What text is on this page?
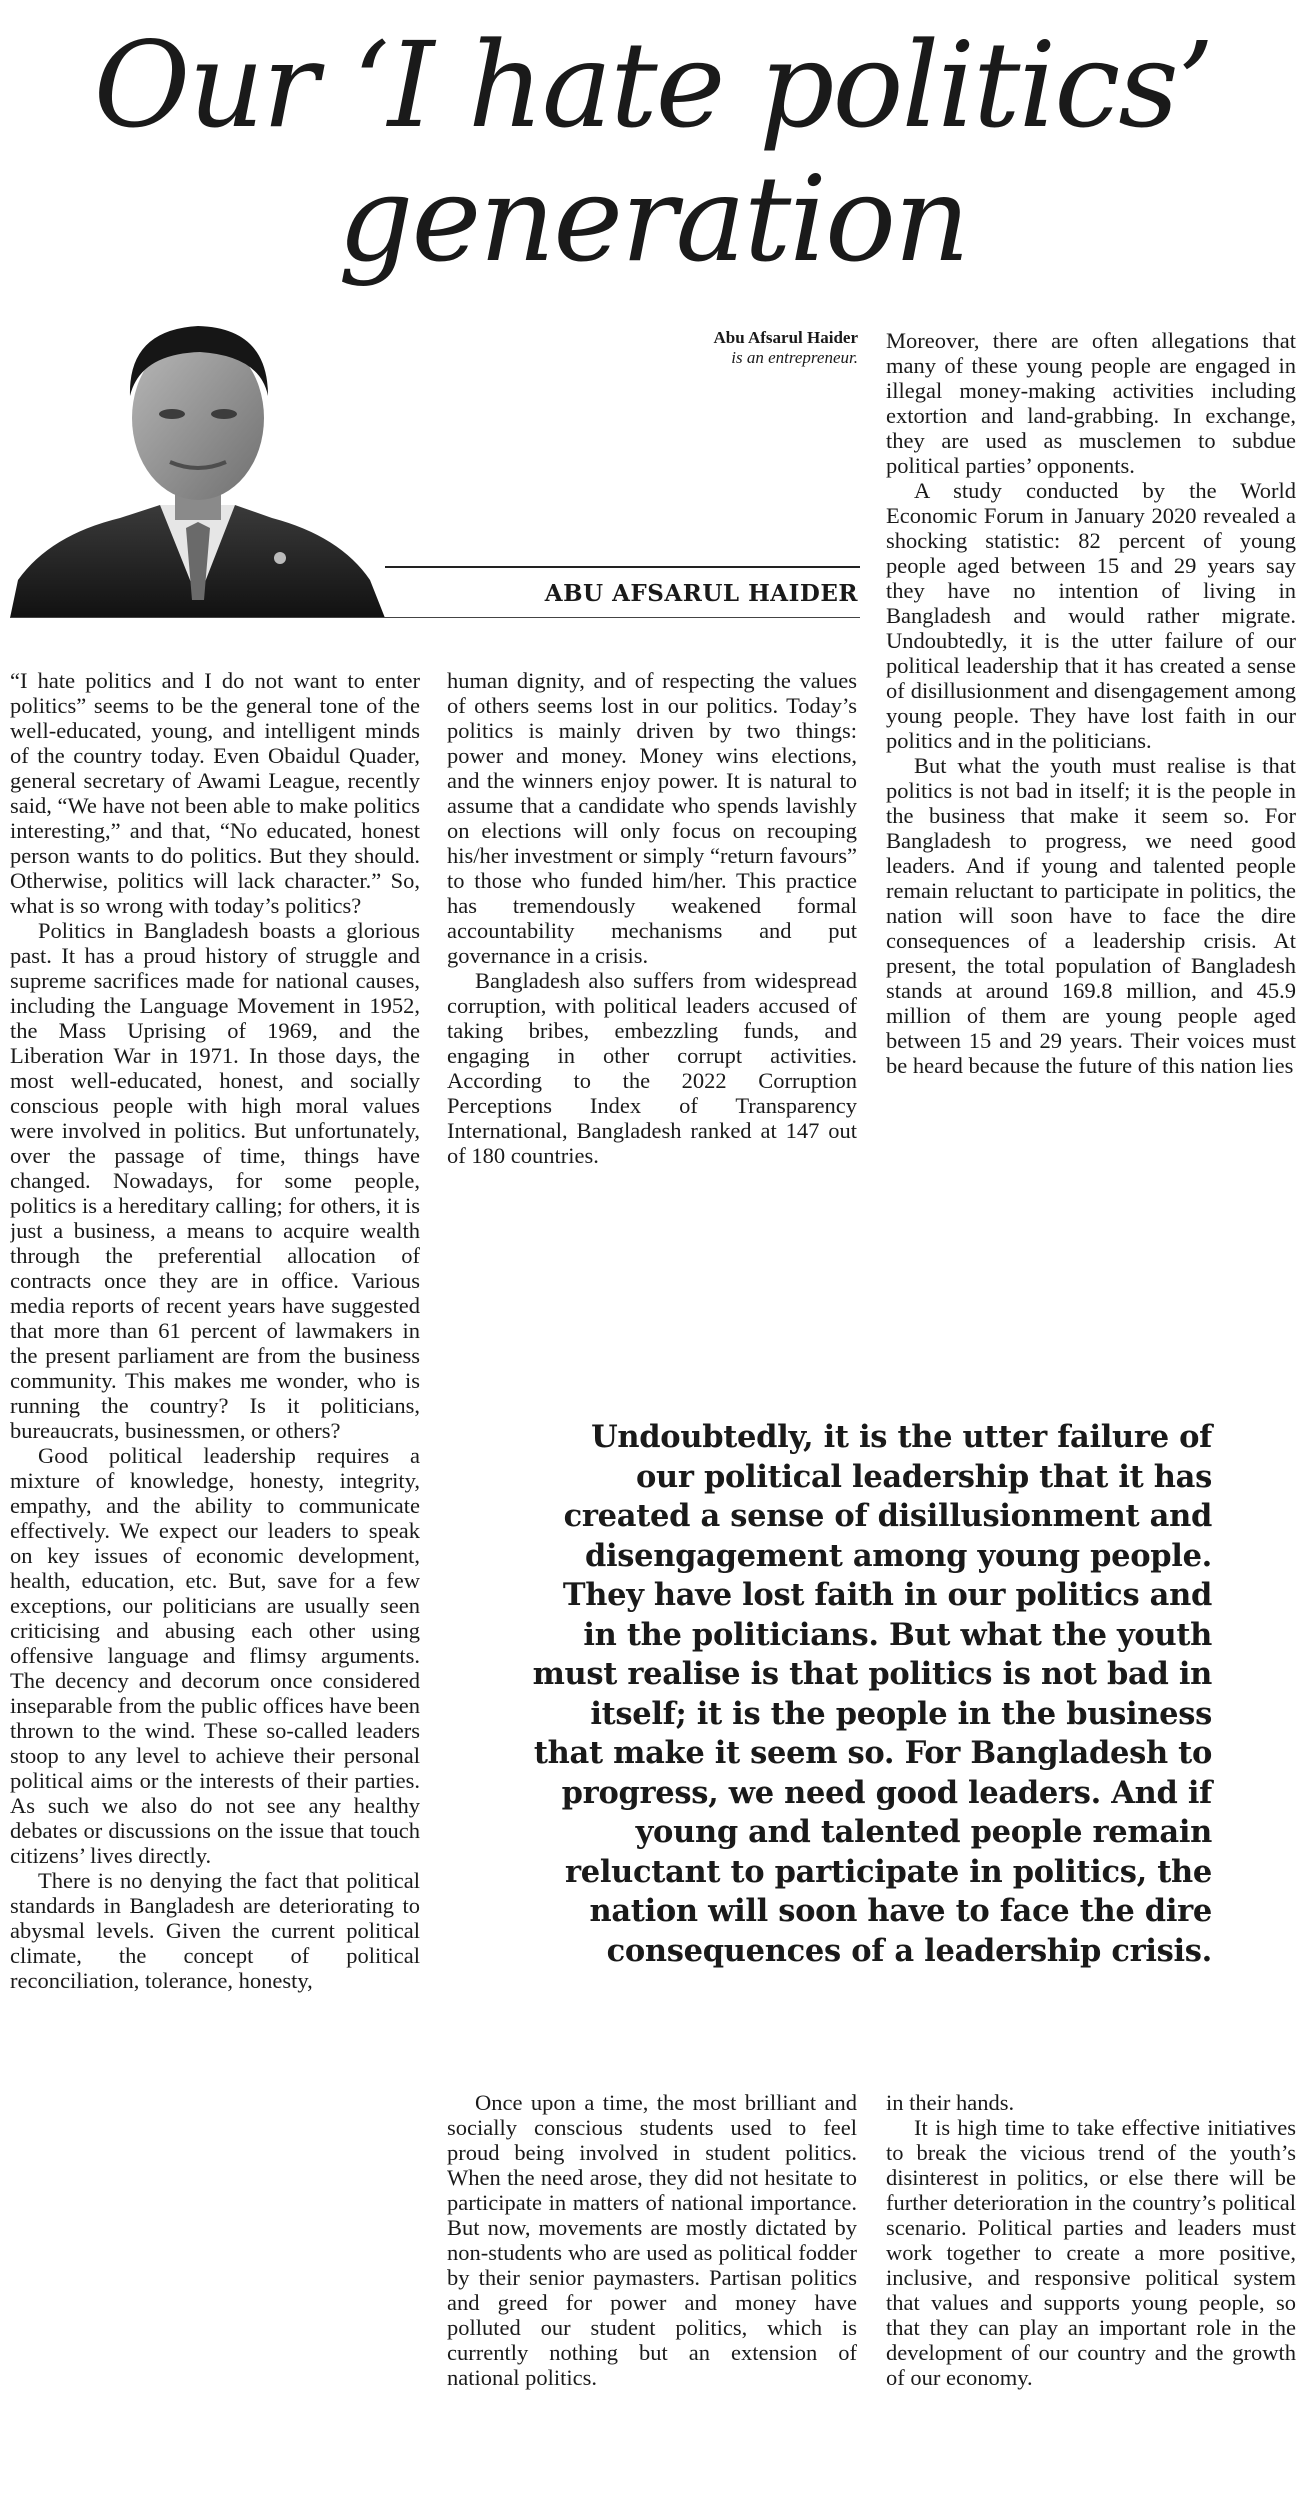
Our ‘I hate politics’ generation
Abu Afsarul Haider
is an entrepreneur.
ABU AFSARUL HAIDER

“I hate politics and I do not want to enter politics” seems to be the general tone of the well-educated, young, and intelligent minds of the country today. Even Obaidul Quader, general secretary of Awami League, recently said, “We have not been able to make politics interesting,” and that, “No educated, honest person wants to do politics. But they should. Otherwise, politics will lack character.” So, what is so wrong with today’s politics?

Politics in Bangladesh boasts a glorious past. It has a proud history of struggle and supreme sacrifices made for national causes, including the Language Movement in 1952, the Mass Uprising of 1969, and the Liberation War in 1971. In those days, the most well-educated, honest, and socially conscious people with high moral values were involved in politics. But unfortunately, over the passage of time, things have changed. Nowadays, for some people, politics is a hereditary calling; for others, it is just a business, a means to acquire wealth through the preferential allocation of contracts once they are in office. Various media reports of recent years have suggested that more than 61 percent of lawmakers in the present parliament are from the business community. This makes me wonder, who is running the country? Is it politicians, bureaucrats, businessmen, or others?

Good political leadership requires a mixture of knowledge, honesty, integrity, empathy, and the ability to communicate effectively. We expect our leaders to speak on key issues of economic development, health, education, etc. But, save for a few exceptions, our politicians are usually seen criticising and abusing each other using offensive language and flimsy arguments. The decency and decorum once considered inseparable from the public offices have been thrown to the wind. These so-called leaders stoop to any level to achieve their personal political aims or the interests of their parties. As such we also do not see any healthy debates or discussions on the issue that touch citizens’ lives directly.

There is no denying the fact that political standards in Bangladesh are deteriorating to abysmal levels. Given the current political climate, the concept of political reconciliation, tolerance, honesty,

human dignity, and of respecting the values of others seems lost in our politics. Today’s politics is mainly driven by two things: power and money. Money wins elections, and the winners enjoy power. It is natural to assume that a candidate who spends lavishly on elections will only focus on recouping his/her investment or simply “return favours” to those who funded him/her. This practice has tremendously weakened formal accountability mechanisms and put governance in a crisis.

Bangladesh also suffers from widespread corruption, with political leaders accused of taking bribes, embezzling funds, and engaging in other corrupt activities. According to the 2022 Corruption Perceptions Index of Transparency International, Bangladesh ranked at 147 out of 180 countries.

Moreover, there are often allegations that many of these young people are engaged in illegal money-making activities including extortion and land-grabbing. In exchange, they are used as musclemen to subdue political parties’ opponents.

A study conducted by the World Economic Forum in January 2020 revealed a shocking statistic: 82 percent of young people aged between 15 and 29 years say they have no intention of living in Bangladesh and would rather migrate. Undoubtedly, it is the utter failure of our political leadership that it has created a sense of disillusionment and disengagement among young people. They have lost faith in our politics and in the politicians.

But what the youth must realise is that politics is not bad in itself; it is the people in the business that make it seem so. For Bangladesh to progress, we need good leaders. And if young and talented people remain reluctant to participate in politics, the nation will soon have to face the dire consequences of a leadership crisis. At present, the total population of Bangladesh stands at around 169.8 million, and 45.9 million of them are young people aged between 15 and 29 years. Their voices must be heard because the future of this nation lies

Undoubtedly, it is the utter failure of our political leadership that it has created a sense of disillusionment and disengagement among young people. They have lost faith in our politics and in the politicians. But what the youth must realise is that politics is not bad in itself; it is the people in the business that make it seem so. For Bangladesh to progress, we need good leaders. And if young and talented people remain reluctant to participate in politics, the nation will soon have to face the dire consequences of a leadership crisis.

Once upon a time, the most brilliant and socially conscious students used to feel proud being involved in student politics. When the need arose, they did not hesitate to participate in matters of national importance. But now, movements are mostly dictated by non-students who are used as political fodder by their senior paymasters. Partisan politics and greed for power and money have polluted our student politics, which is currently nothing but an extension of national politics.

in their hands.

It is high time to take effective initiatives to break the vicious trend of the youth’s disinterest in politics, or else there will be further deterioration in the country’s political scenario. Political parties and leaders must work together to create a more positive, inclusive, and responsive political system that values and supports young people, so that they can play an important role in the development of our country and the growth of our economy.
